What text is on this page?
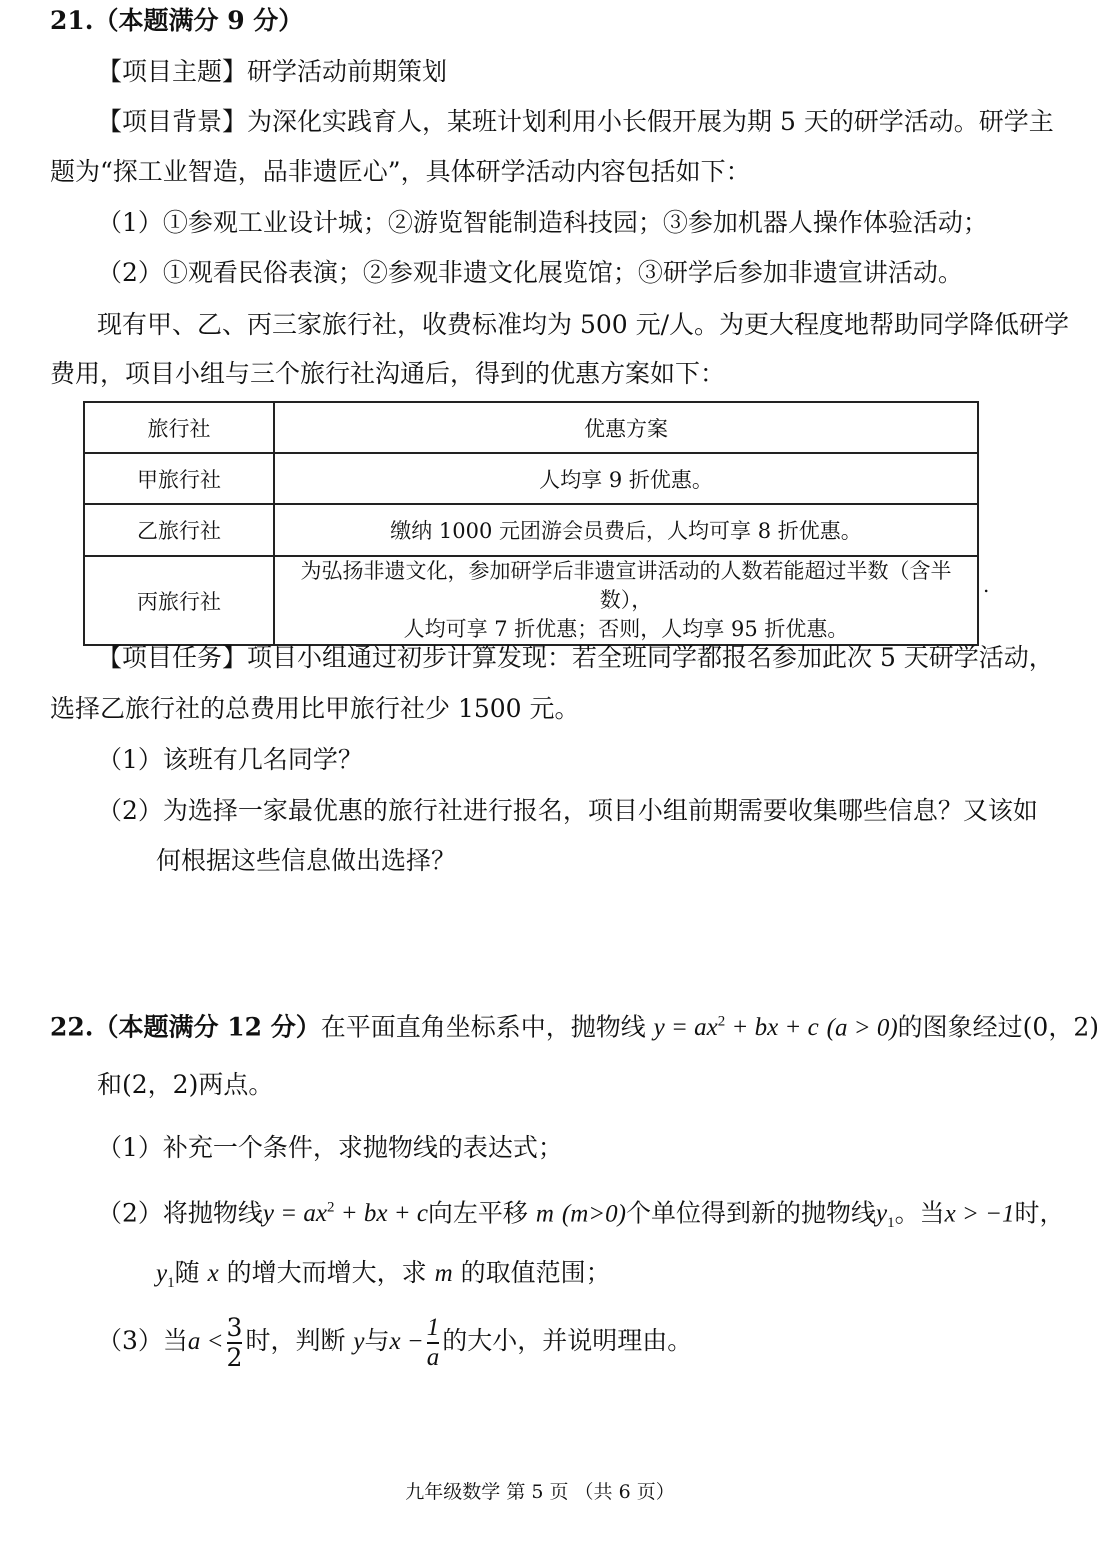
21.（本题满分 9 分）
【项目主题】研学活动前期策划
【项目背景】为深化实践育人，某班计划利用小长假开展为期 5 天的研学活动。研学主
题为“探工业智造，品非遗匠心”，具体研学活动内容包括如下：
（1）①参观工业设计城；②游览智能制造科技园；③参加机器人操作体验活动；
（2）①观看民俗表演；②参观非遗文化展览馆；③研学后参加非遗宣讲活动。
现有甲、乙、丙三家旅行社，收费标准均为 500 元/人。为更大程度地帮助同学降低研学
费用，项目小组与三个旅行社沟通后，得到的优惠方案如下：
旅行社	优惠方案
甲旅行社	人均享 9 折优惠。
乙旅行社	缴纳 1000 元团游会员费后，人均可享 8 折优惠。
丙旅行社	为弘扬非遗文化，参加研学后非遗宣讲活动的人数若能超过半数（含半数），
人均可享 7 折优惠；否则，人均享 95 折优惠。
.
【项目任务】项目小组通过初步计算发现：若全班同学都报名参加此次 5 天研学活动，
选择乙旅行社的总费用比甲旅行社少 1500 元。
（1）该班有几名同学？
（2）为选择一家最优惠的旅行社进行报名，项目小组前期需要收集哪些信息？又该如
何根据这些信息做出选择？
22.（本题满分 12 分）在平面直角坐标系中，抛物线 $y = ax^2$ + bx + c (a > 0)的图象经过(0，2)
和(2，2)两点。
（1）补充一个条件，求抛物线的表达式；
（2）将抛物线$y = ax^2$ + bx + c向左平移 m (m>0)个单位得到新的抛物线$y_1$。当x > −1时，
$y_1$随 x 的增大而增大，求 m 的取值范围；
（3）当$a < \frac{3}{2}$ 时，判断 y与$x - \frac{1}{a}$ 的大小，并说明理由。
九年级数学 第 5 页 （共 6 页）
